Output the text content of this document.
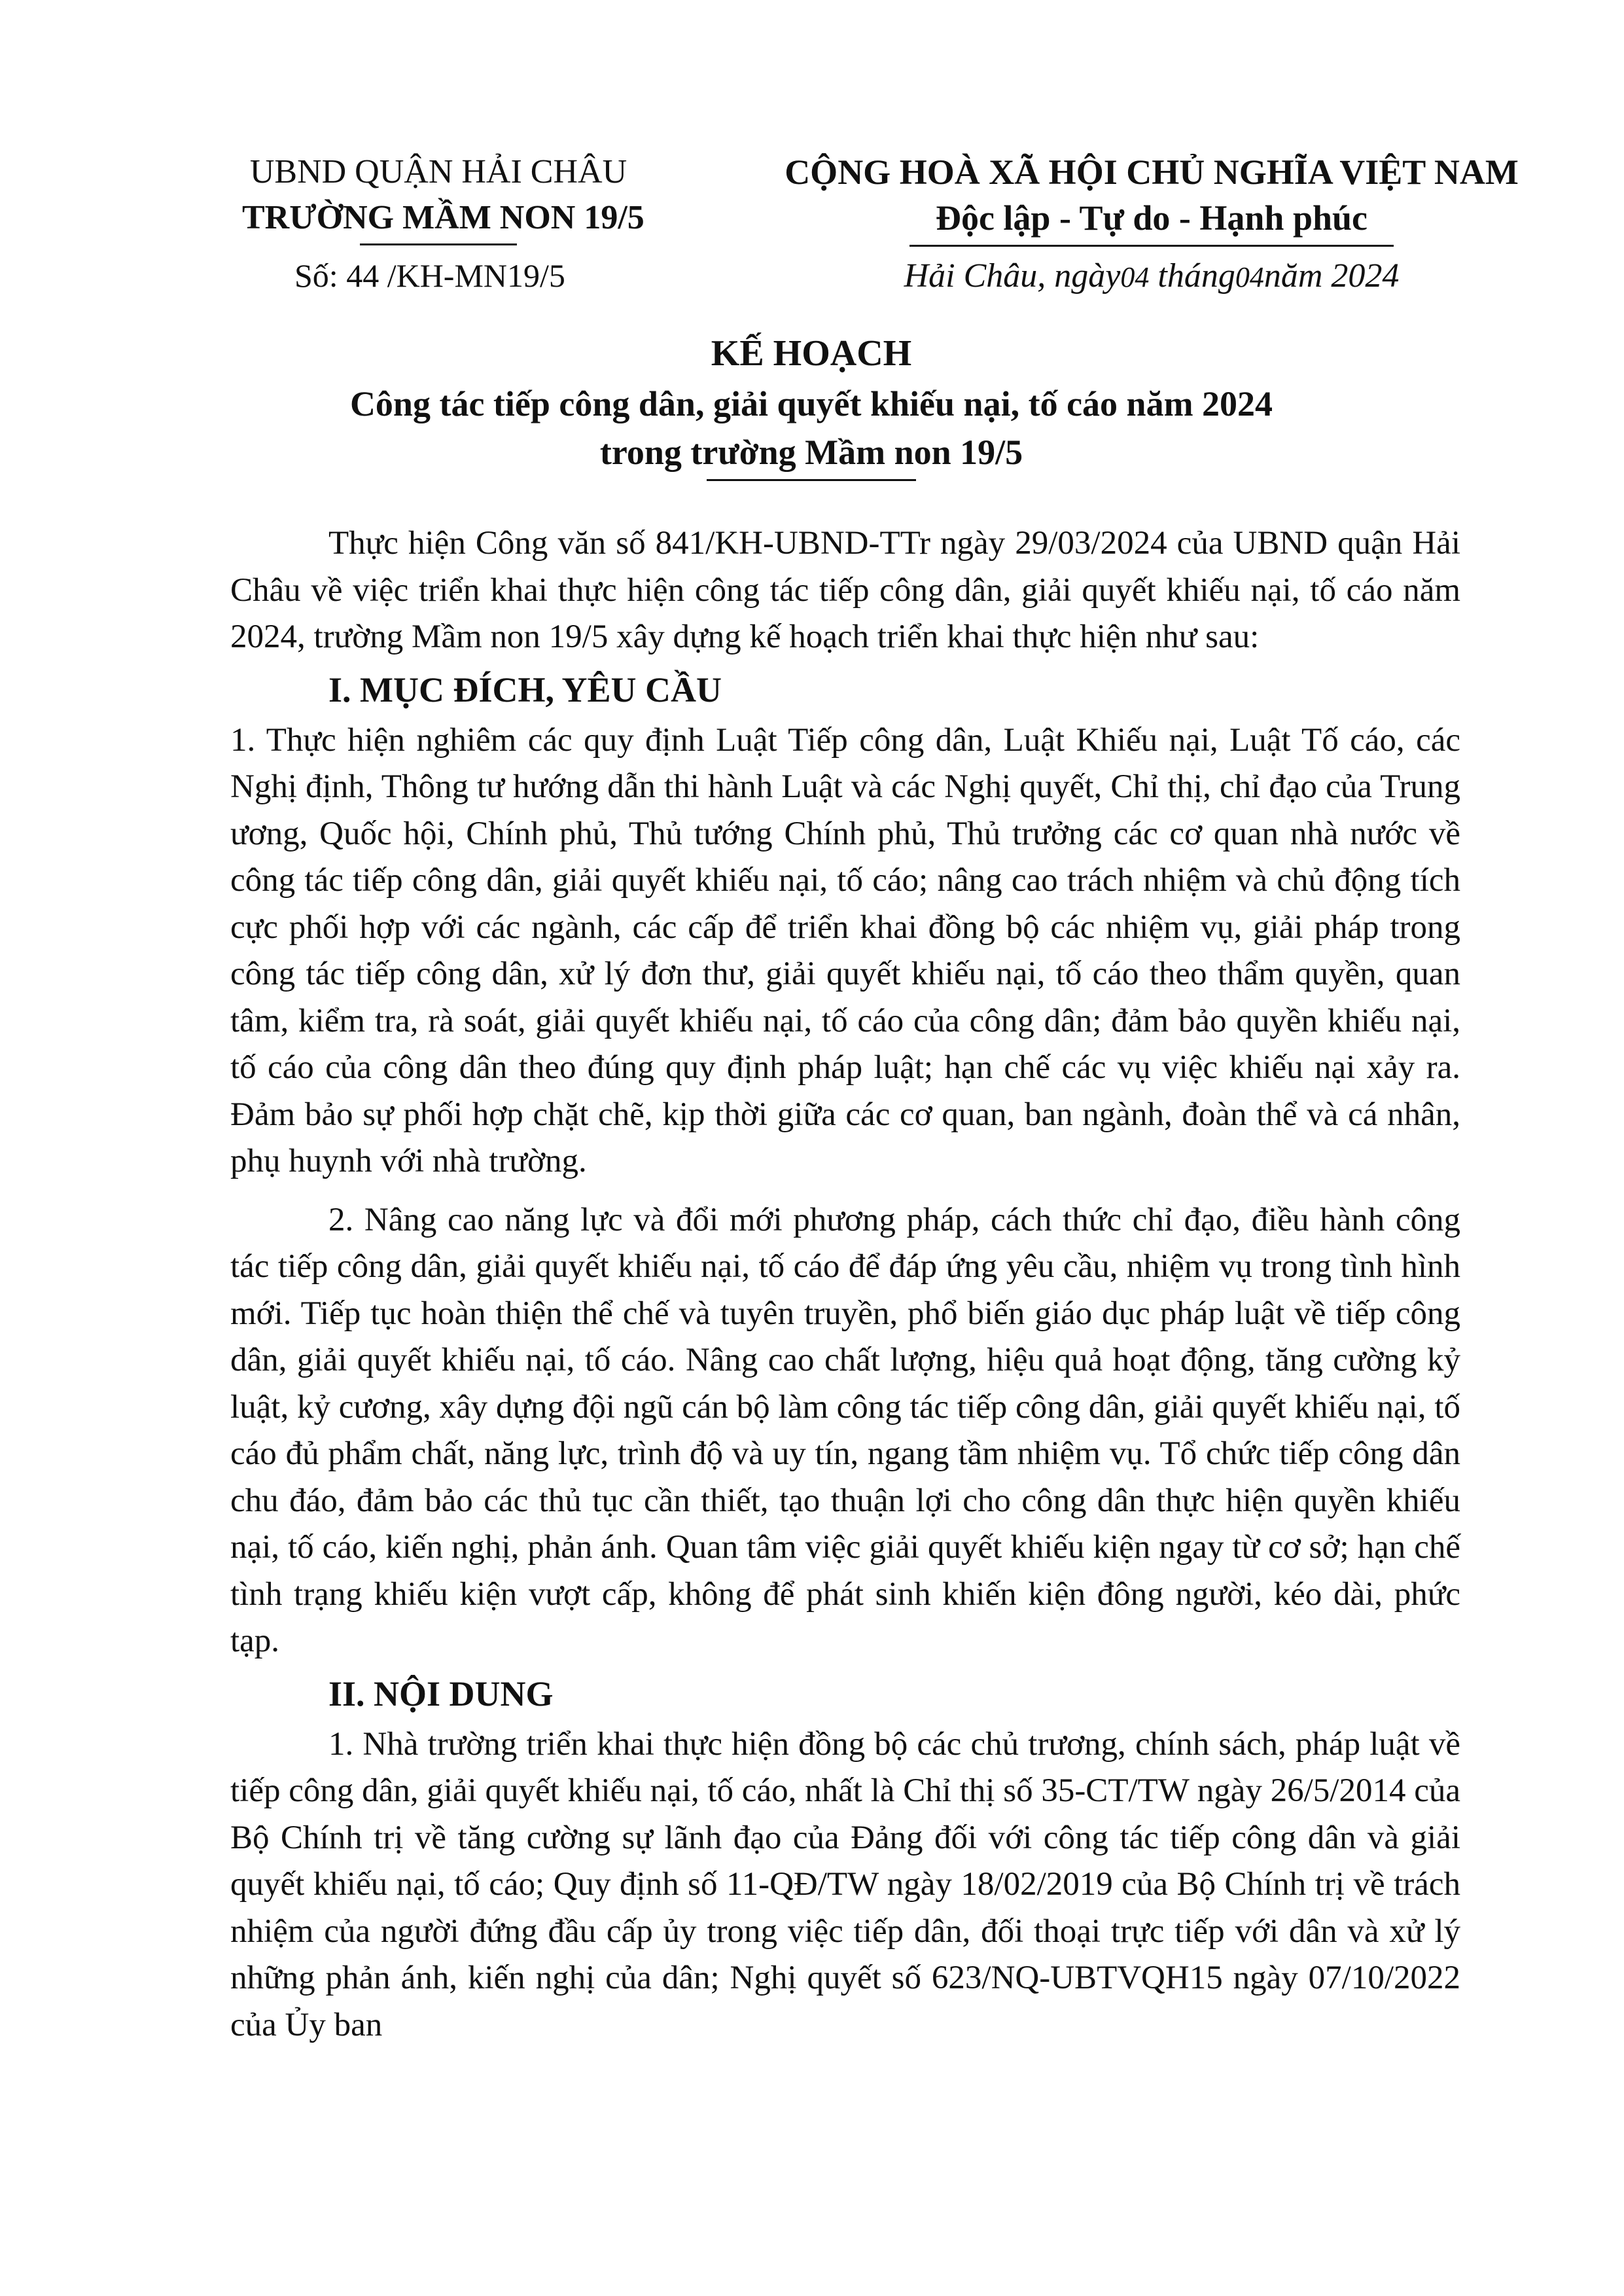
UBND QUẬN HẢI CHÂU
TRƯỜNG MẦM NON 19/5
Số: 44 /KH-MN19/5
CỘNG HOÀ XÃ HỘI CHỦ NGHĨA VIỆT NAM
Độc lập - Tự do - Hạnh phúc
Hải Châu, ngày04 tháng04năm 2024
KẾ HOẠCH
Công tác tiếp công dân, giải quyết khiếu nại, tố cáo năm 2024
trong trường Mầm non 19/5

Thực hiện Công văn số 841/KH-UBND-TTr ngày 29/03/2024 của UBND quận Hải Châu về việc triển khai thực hiện công tác tiếp công dân, giải quyết khiếu nại, tố cáo năm 2024, trường Mầm non 19/5 xây dựng kế hoạch triển khai thực hiện như sau:

I. MỤC ĐÍCH, YÊU CẦU

1. Thực hiện nghiêm các quy định Luật Tiếp công dân, Luật Khiếu nại, Luật Tố cáo, các Nghị định, Thông tư hướng dẫn thi hành Luật và các Nghị quyết, Chỉ thị, chỉ đạo của Trung ương, Quốc hội, Chính phủ, Thủ tướng Chính phủ, Thủ trưởng các cơ quan nhà nước về công tác tiếp công dân, giải quyết khiếu nại, tố cáo; nâng cao trách nhiệm và chủ động tích cực phối hợp với các ngành, các cấp để triển khai đồng bộ các nhiệm vụ, giải pháp trong công tác tiếp công dân, xử lý đơn thư, giải quyết khiếu nại, tố cáo theo thẩm quyền, quan tâm, kiểm tra, rà soát, giải quyết khiếu nại, tố cáo của công dân; đảm bảo quyền khiếu nại, tố cáo của công dân theo đúng quy định pháp luật; hạn chế các vụ việc khiếu nại xảy ra. Đảm bảo sự phối hợp chặt chẽ, kịp thời giữa các cơ quan, ban ngành, đoàn thể và cá nhân, phụ huynh với nhà trường.

2. Nâng cao năng lực và đổi mới phương pháp, cách thức chỉ đạo, điều hành công tác tiếp công dân, giải quyết khiếu nại, tố cáo để đáp ứng yêu cầu, nhiệm vụ trong tình hình mới. Tiếp tục hoàn thiện thể chế và tuyên truyền, phổ biến giáo dục pháp luật về tiếp công dân, giải quyết khiếu nại, tố cáo. Nâng cao chất lượng, hiệu quả hoạt động, tăng cường kỷ luật, kỷ cương, xây dựng đội ngũ cán bộ làm công tác tiếp công dân, giải quyết khiếu nại, tố cáo đủ phẩm chất, năng lực, trình độ và uy tín, ngang tầm nhiệm vụ. Tổ chức tiếp công dân chu đáo, đảm bảo các thủ tục cần thiết, tạo thuận lợi cho công dân thực hiện quyền khiếu nại, tố cáo, kiến nghị, phản ánh. Quan tâm việc giải quyết khiếu kiện ngay từ cơ sở; hạn chế tình trạng khiếu kiện vượt cấp, không để phát sinh khiến kiện đông người, kéo dài, phức tạp.

II. NỘI DUNG

1. Nhà trường triển khai thực hiện đồng bộ các chủ trương, chính sách, pháp luật về tiếp công dân, giải quyết khiếu nại, tố cáo, nhất là Chỉ thị số 35-CT/TW ngày 26/5/2014 của Bộ Chính trị về tăng cường sự lãnh đạo của Đảng đối với công tác tiếp công dân và giải quyết khiếu nại, tố cáo; Quy định số 11-QĐ/TW ngày 18/02/2019 của Bộ Chính trị về trách nhiệm của người đứng đầu cấp ủy trong việc tiếp dân, đối thoại trực tiếp với dân và xử lý những phản ánh, kiến nghị của dân; Nghị quyết số 623/NQ-UBTVQH15 ngày 07/10/2022 của Ủy ban
